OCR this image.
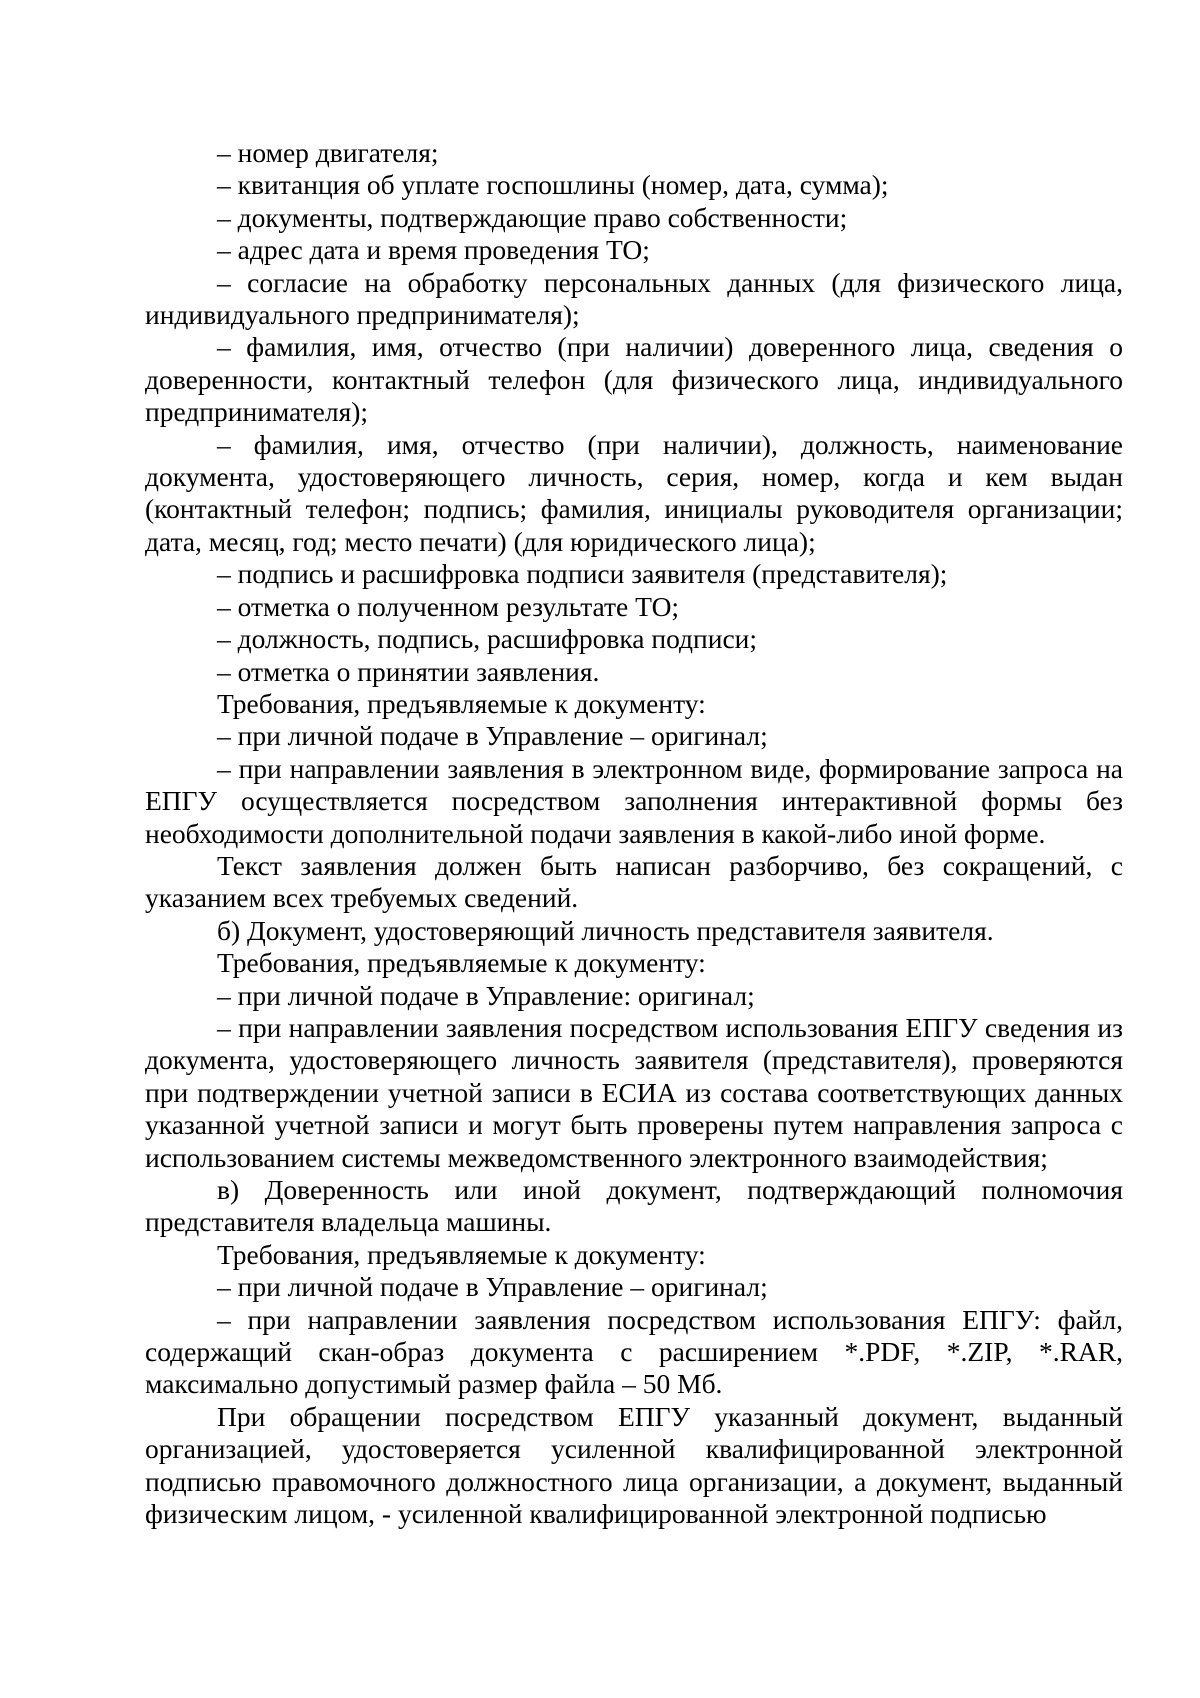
– номер двигателя;

– квитанция об уплате госпошлины (номер, дата, сумма);

– документы, подтверждающие право собственности;

– адрес дата и время проведения ТО;

– согласие на обработку персональных данных (для физического лица, индивидуального предпринимателя);

– фамилия, имя, отчество (при наличии) доверенного лица, сведения о доверенности, контактный телефон (для физического лица, индивидуального предпринимателя);

– фамилия, имя, отчество (при наличии), должность, наименование документа, удостоверяющего личность, серия, номер, когда и кем выдан (контактный телефон; подпись; фамилия, инициалы руководителя организации; дата, месяц, год; место печати) (для юридического лица);

– подпись и расшифровка подписи заявителя (представителя);

– отметка о полученном результате ТО;

– должность, подпись, расшифровка подписи;

– отметка о принятии заявления.

Требования, предъявляемые к документу:

– при личной подаче в Управление – оригинал;

– при направлении заявления в электронном виде, формирование запроса на ЕПГУ осуществляется посредством заполнения интерактивной формы без необходимости дополнительной подачи заявления в какой-либо иной форме.

Текст заявления должен быть написан разборчиво, без сокращений, с указанием всех требуемых сведений.

б) Документ, удостоверяющий личность представителя заявителя.

Требования, предъявляемые к документу:

– при личной подаче в Управление: оригинал;

– при направлении заявления посредством использования ЕПГУ сведения из документа, удостоверяющего личность заявителя (представителя), проверяются при подтверждении учетной записи в ЕСИА из состава соответствующих данных указанной учетной записи и могут быть проверены путем направления запроса с использованием системы межведомственного электронного взаимодействия;

в) Доверенность или иной документ, подтверждающий полномочия представителя владельца машины.

Требования, предъявляемые к документу:

– при личной подаче в Управление – оригинал;

– при направлении заявления посредством использования ЕПГУ: файл, содержащий скан-образ документа с расширением *.PDF, *.ZIP, *.RAR, максимально допустимый размер файла – 50 Мб.

При обращении посредством ЕПГУ указанный документ, выданный организацией, удостоверяется усиленной квалифицированной электронной подписью правомочного должностного лица организации, а документ, выданный физическим лицом, - усиленной квалифицированной электронной подписью
